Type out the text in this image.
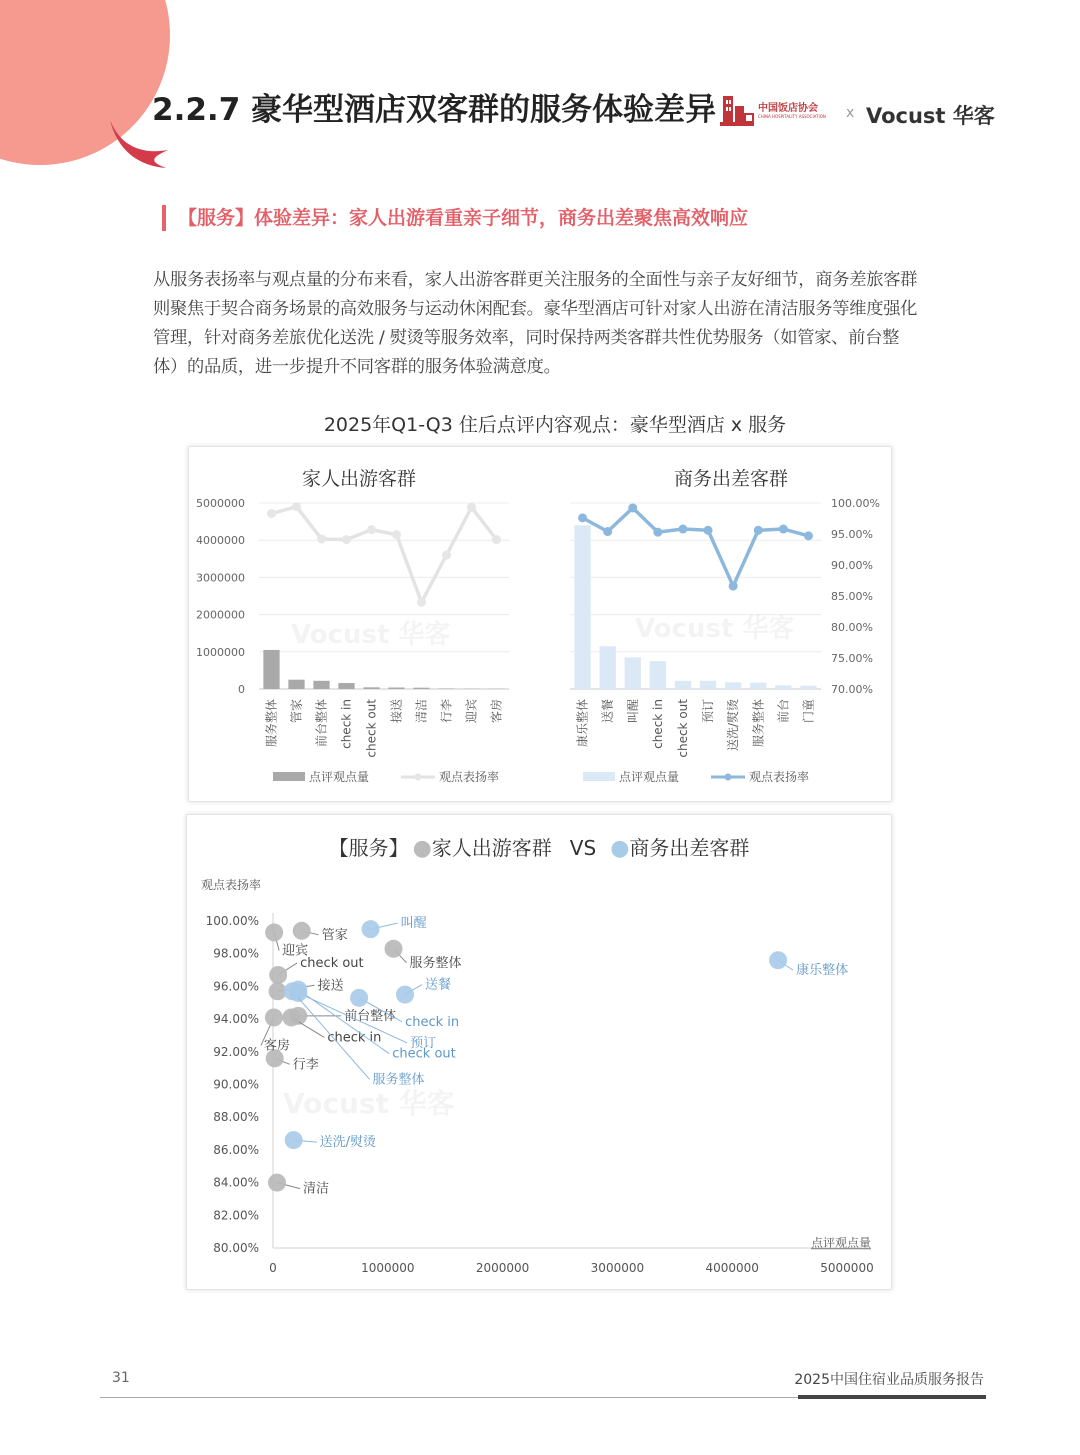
2.2.7 豪华型酒店双客群的服务体验差异	中国饭店协会
CHINA HOSPITALITY ASSOCIATION x Vocust 华客
【服务】体验差异：家人出游看重亲子细节，商务出差聚焦高效响应

从服务表扬率与观点量的分布来看，家人出游客群更关注服务的全面性与亲子友好细节，商务差旅客群则聚焦于契合商务场景的高效服务与运动休闲配套。豪华型酒店可针对家人出游在清洁服务等维度强化管理，针对商务差旅优化送洗 / 熨烫等服务效率，同时保持两类客群共性优势服务（如管家、前台整体）的品质，进一步提升不同客群的服务体验满意度。

2025年Q1-Q3 住后点评内容观点：豪华型酒店 x 服务
家人出游客群
5000000
4000000
3000000
2000000
1000000
0
服务整体 管家 前台整体 check in check out 接送 清洁 行李 迎宾 客房
点评观点量	观点表扬率
商务出差客群
100.00%
95.00%
90.00%
85.00%
80.00%
75.00%
70.00%
康乐整体 送餐 叫醒 check in check out 预订 送洗/熨烫 服务整体 前台 门童
点评观点量	观点表扬率
【服务】 ●家人出游客群 VS ●商务出差客群
观点表扬率
点评观点量
100.00%
98.00%
96.00%
94.00%
92.00%
90.00%
88.00%
86.00%
84.00%
82.00%
80.00%
0	1000000	2000000	3000000	4000000	5000000
服务整体
管家
前台整体
check in
check out
接送
清洁
行李
迎宾
客房
康乐整体
送餐
叫醒
check in
check out
预订
送洗/熨烫
服务整体
31	2025中国住宿业品质服务报告
